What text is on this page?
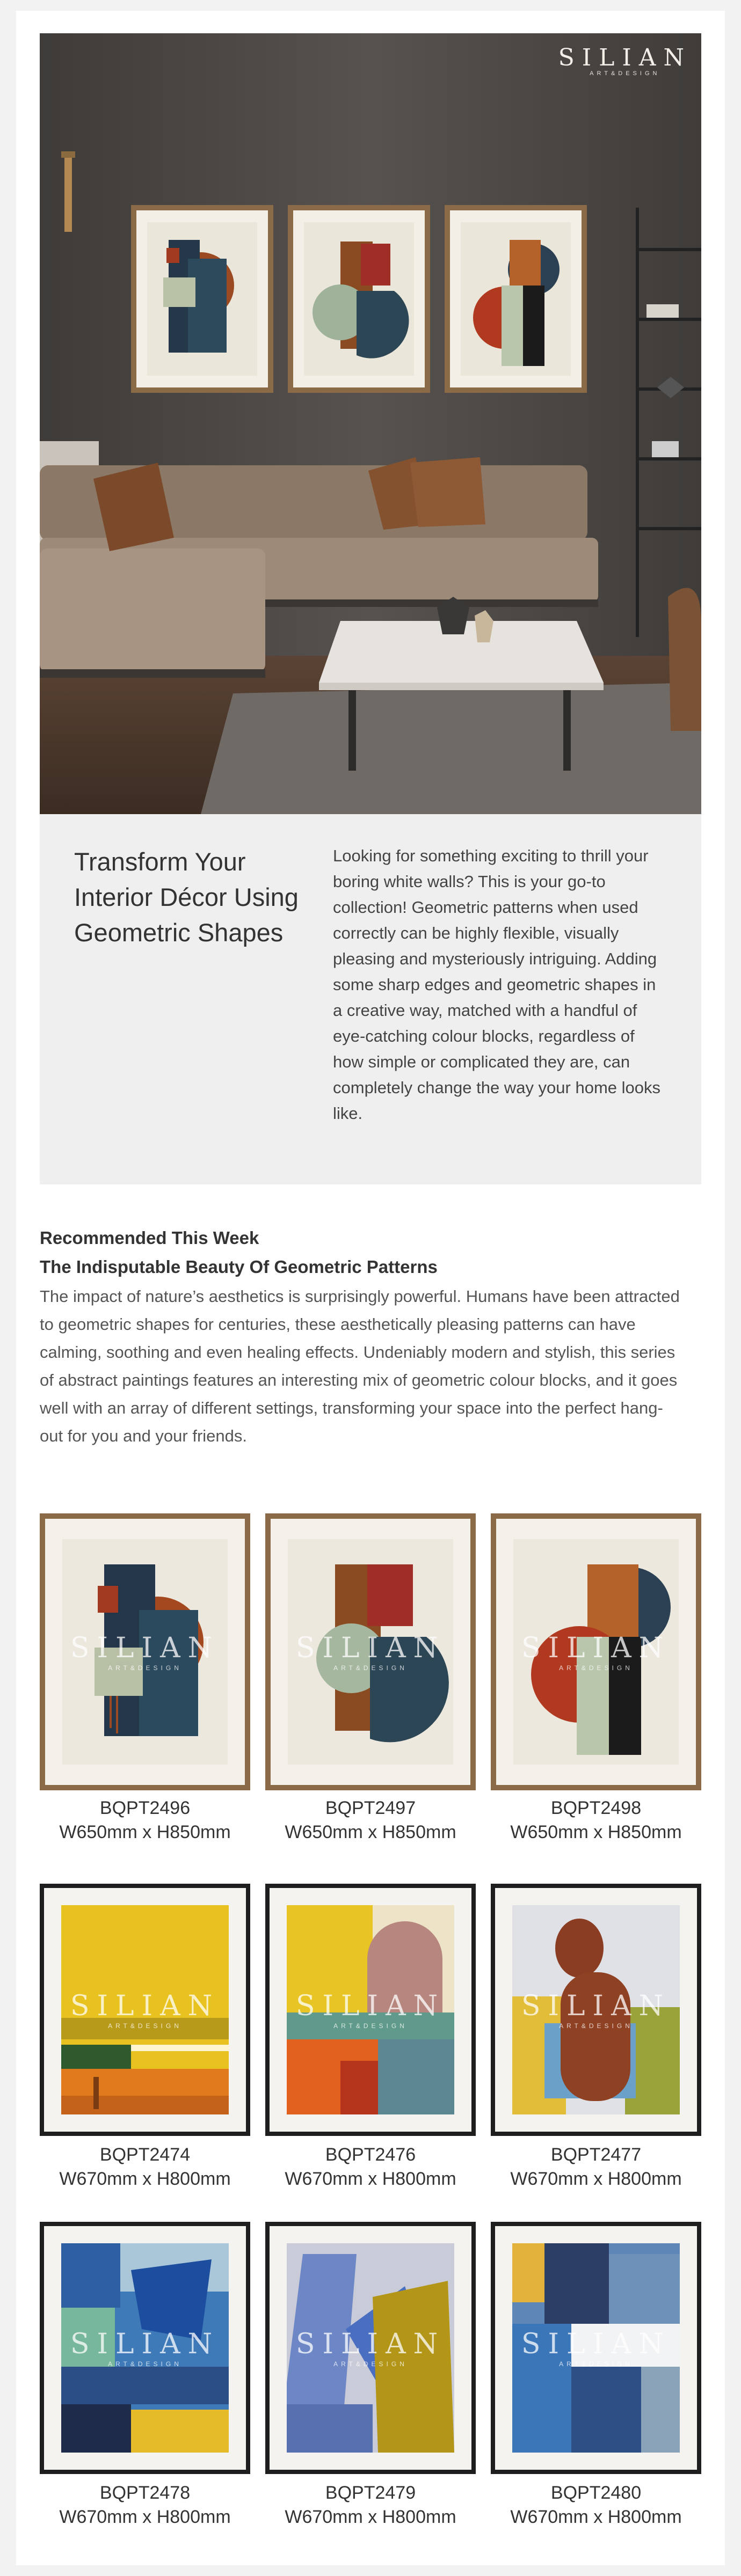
SILIAN
ART&DESIGN
Transform Your Interior Décor Using Geometric Shapes

Looking for something exciting to thrill your boring white walls? This is your go-to collection! Geometric patterns when used correctly can be highly flexible, visually pleasing and mysteriously intriguing. Adding some sharp edges and geometric shapes in a creative way, matched with a handful of eye-catching colour blocks, regardless of how simple or complicated they are, can completely change the way your home looks like.

Recommended This Week
The Indisputable Beauty Of Geometric Patterns

The impact of nature’s aesthetics is surprisingly powerful. Humans have been attracted to geometric shapes for centuries, these aesthetically pleasing patterns can have calming, soothing and even healing effects. Undeniably modern and stylish, this series of abstract paintings features an interesting mix of geometric colour blocks, and it goes well with an array of different settings, transforming your space into the perfect hang-out for you and your friends.

SILIAN
ART&DESIGN
BQPT2496
W650mm x H850mm
SILIAN
ART&DESIGN
BQPT2497
W650mm x H850mm
SILIAN
ART&DESIGN
BQPT2498
W650mm x H850mm
SILIAN
ART&DESIGN
BQPT2474
W670mm x H800mm
SILIAN
ART&DESIGN
BQPT2476
W670mm x H800mm
SILIAN
ART&DESIGN
BQPT2477
W670mm x H800mm
SILIAN
ART&DESIGN
BQPT2478
W670mm x H800mm
SILIAN
ART&DESIGN
BQPT2479
W670mm x H800mm
SILIAN
ART&DESIGN
BQPT2480
W670mm x H800mm
